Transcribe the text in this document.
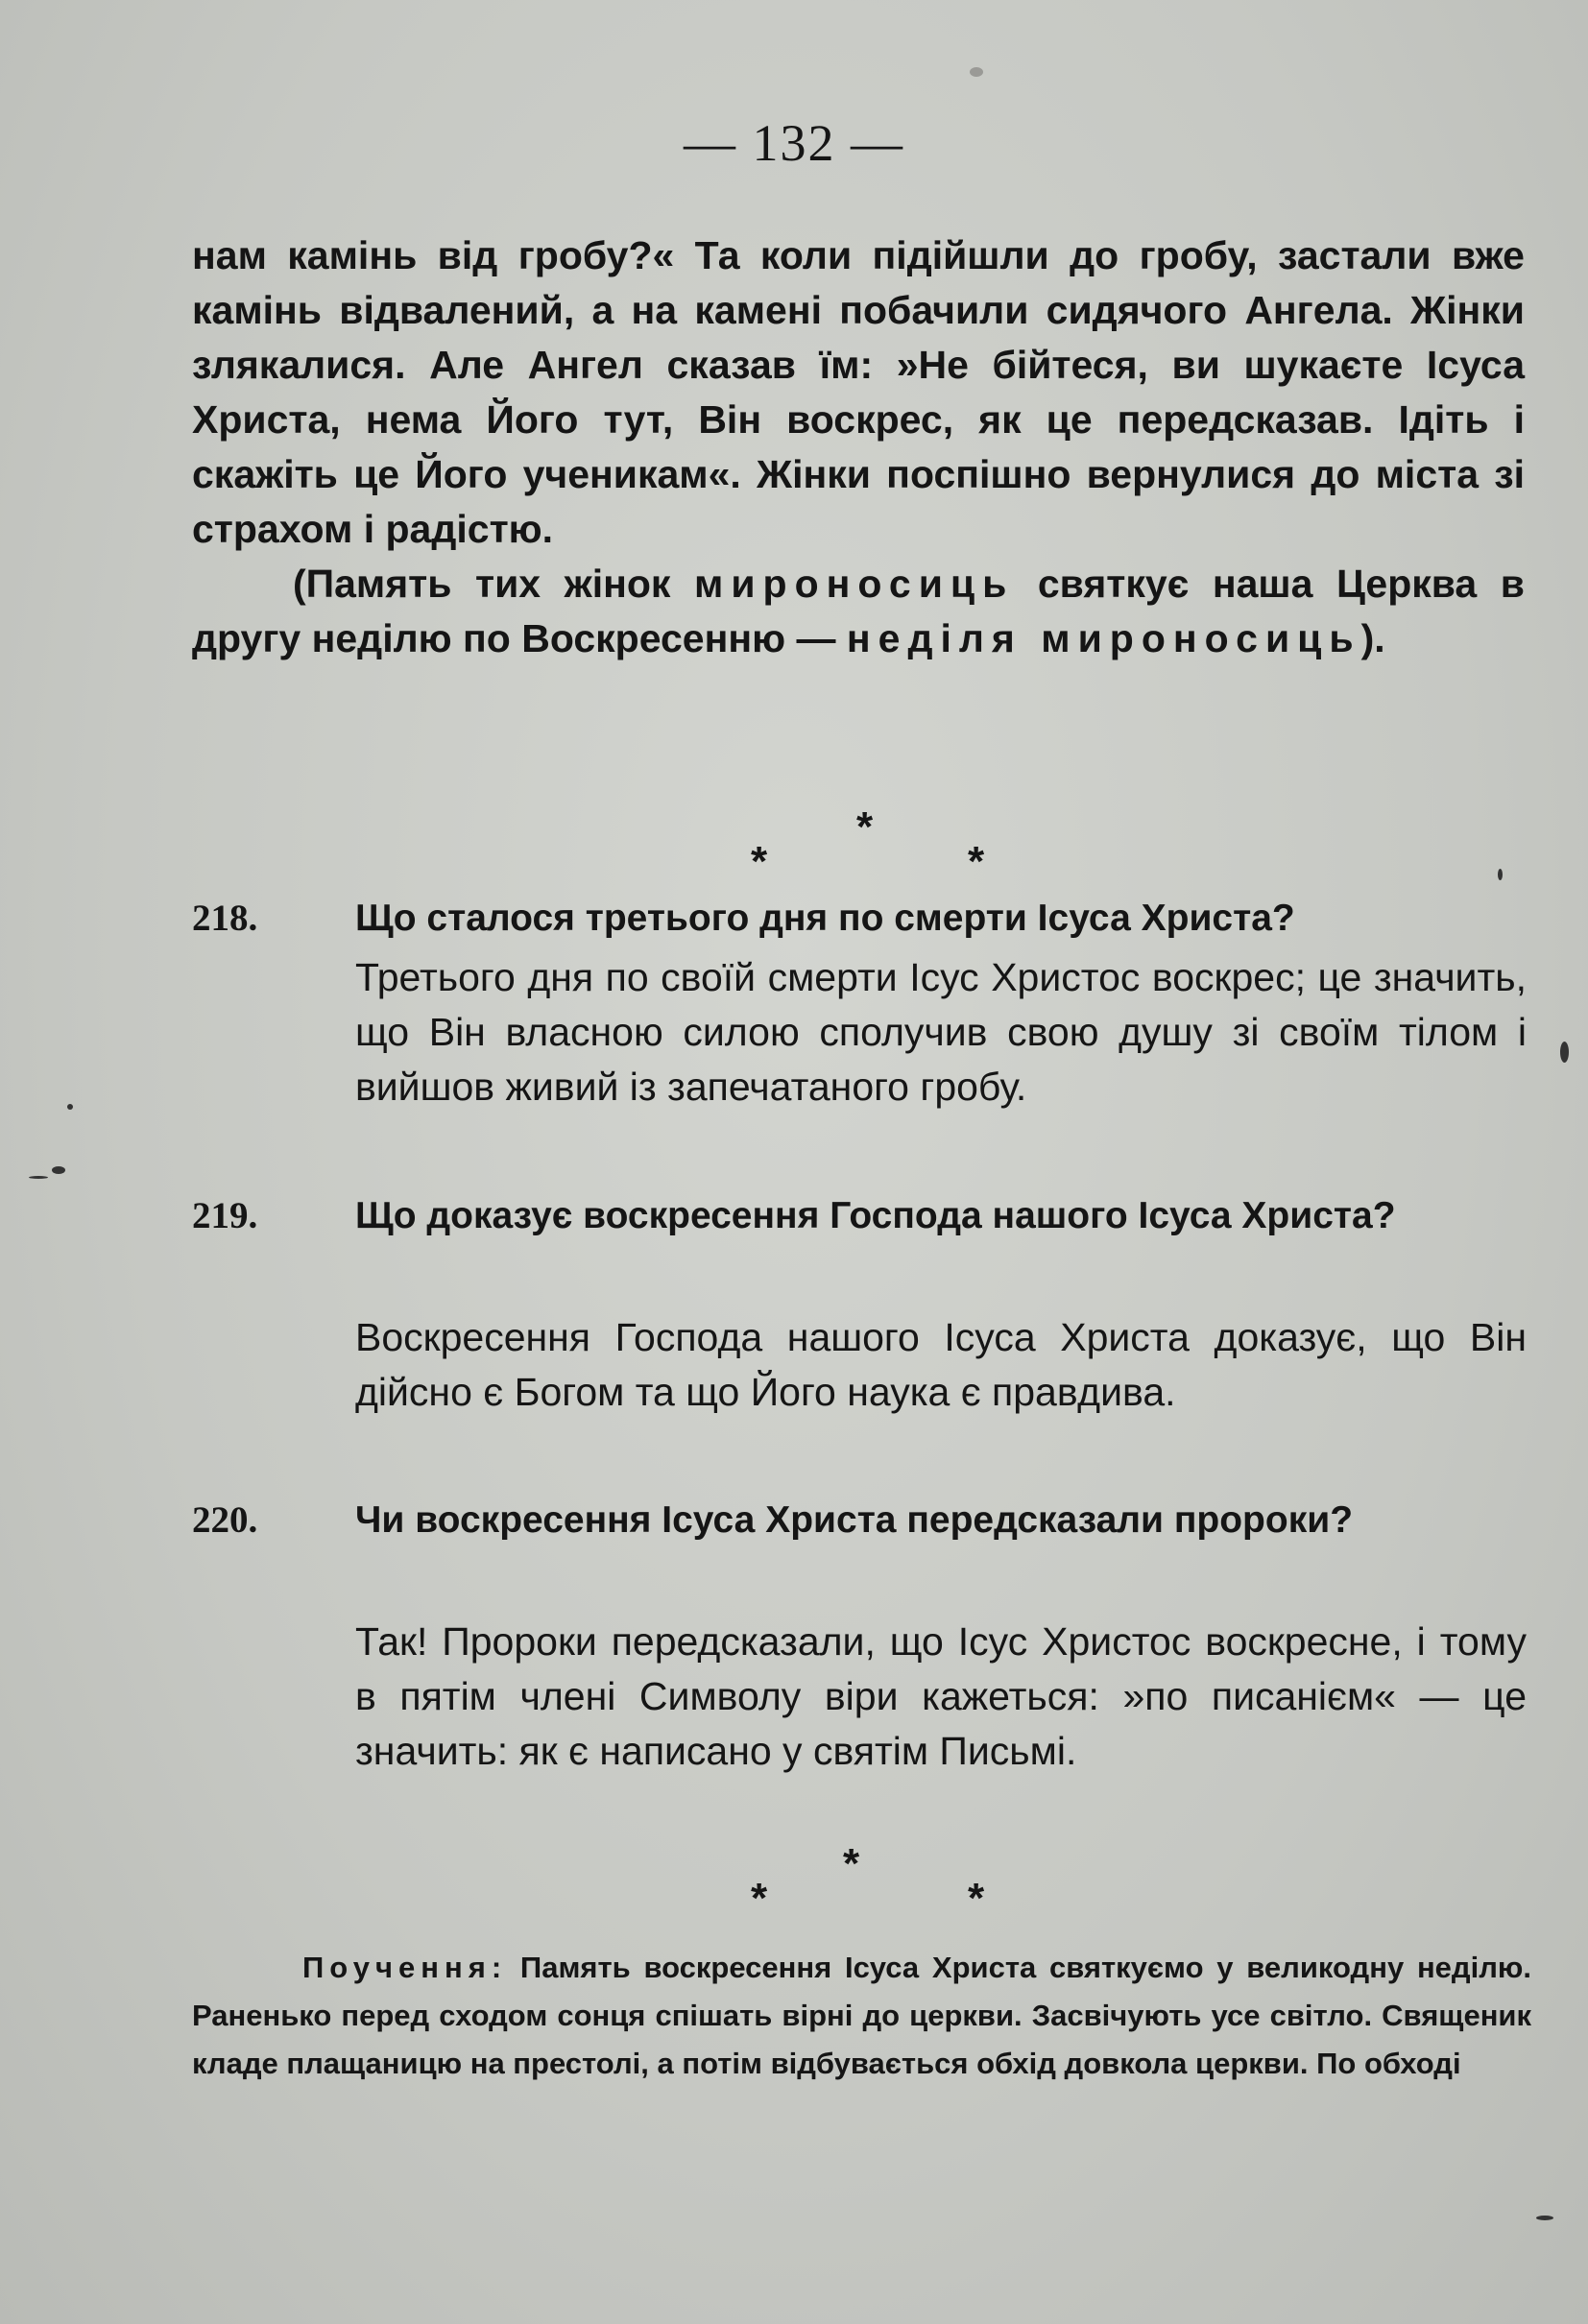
— 132 —

нам камінь від гробу?« Та коли підійшли до гробу, застали вже камінь відвалений, а на камені побачили сидячого Ангела. Жінки злякалися. Але Ангел сказав їм: »Не бійтеся, ви шукаєте Ісуса Христа, нема Його тут, Він воскрес, як це передсказав. Ідіть і скажіть це Його ученикам«. Жінки поспішно вернулися до міста зі страхом і радістю.

(Память тих жінок мироносиць святкує наша Церква в другу неділю по Воскресенню — неділя мироносиць).

*
*	*
218.	Що сталося третього дня по смерти Ісуса Христа?
Третього дня по своїй смерти Ісус Христос воскрес; це значить, що Він власною силою сполучив свою душу зі своїм тілом і вийшов живий із запечатаного гробу.
219.	Що доказує воскресення Господа нашого Ісуса Христа?
Воскресення Господа нашого Ісуса Христа доказує, що Він дійсно є Богом та що Його наука є правдива.
220.	Чи воскресення Ісуса Христа передсказали пророки?
Так! Пророки передсказали, що Ісус Христос воскресне, і тому в пятім члені Символу віри кажеться: »по писанієм« — це значить: як є написано у святім Письмі.
*
*	*
Поучення: Память воскресення Ісуса Христа святкуємо у великодну неділю. Раненько перед сходом сонця спішать вірні до церкви. Засвічують усе світло. Священик кладе плащаницю на престолі, а потім відбувається обхід довкола церкви. По обході
